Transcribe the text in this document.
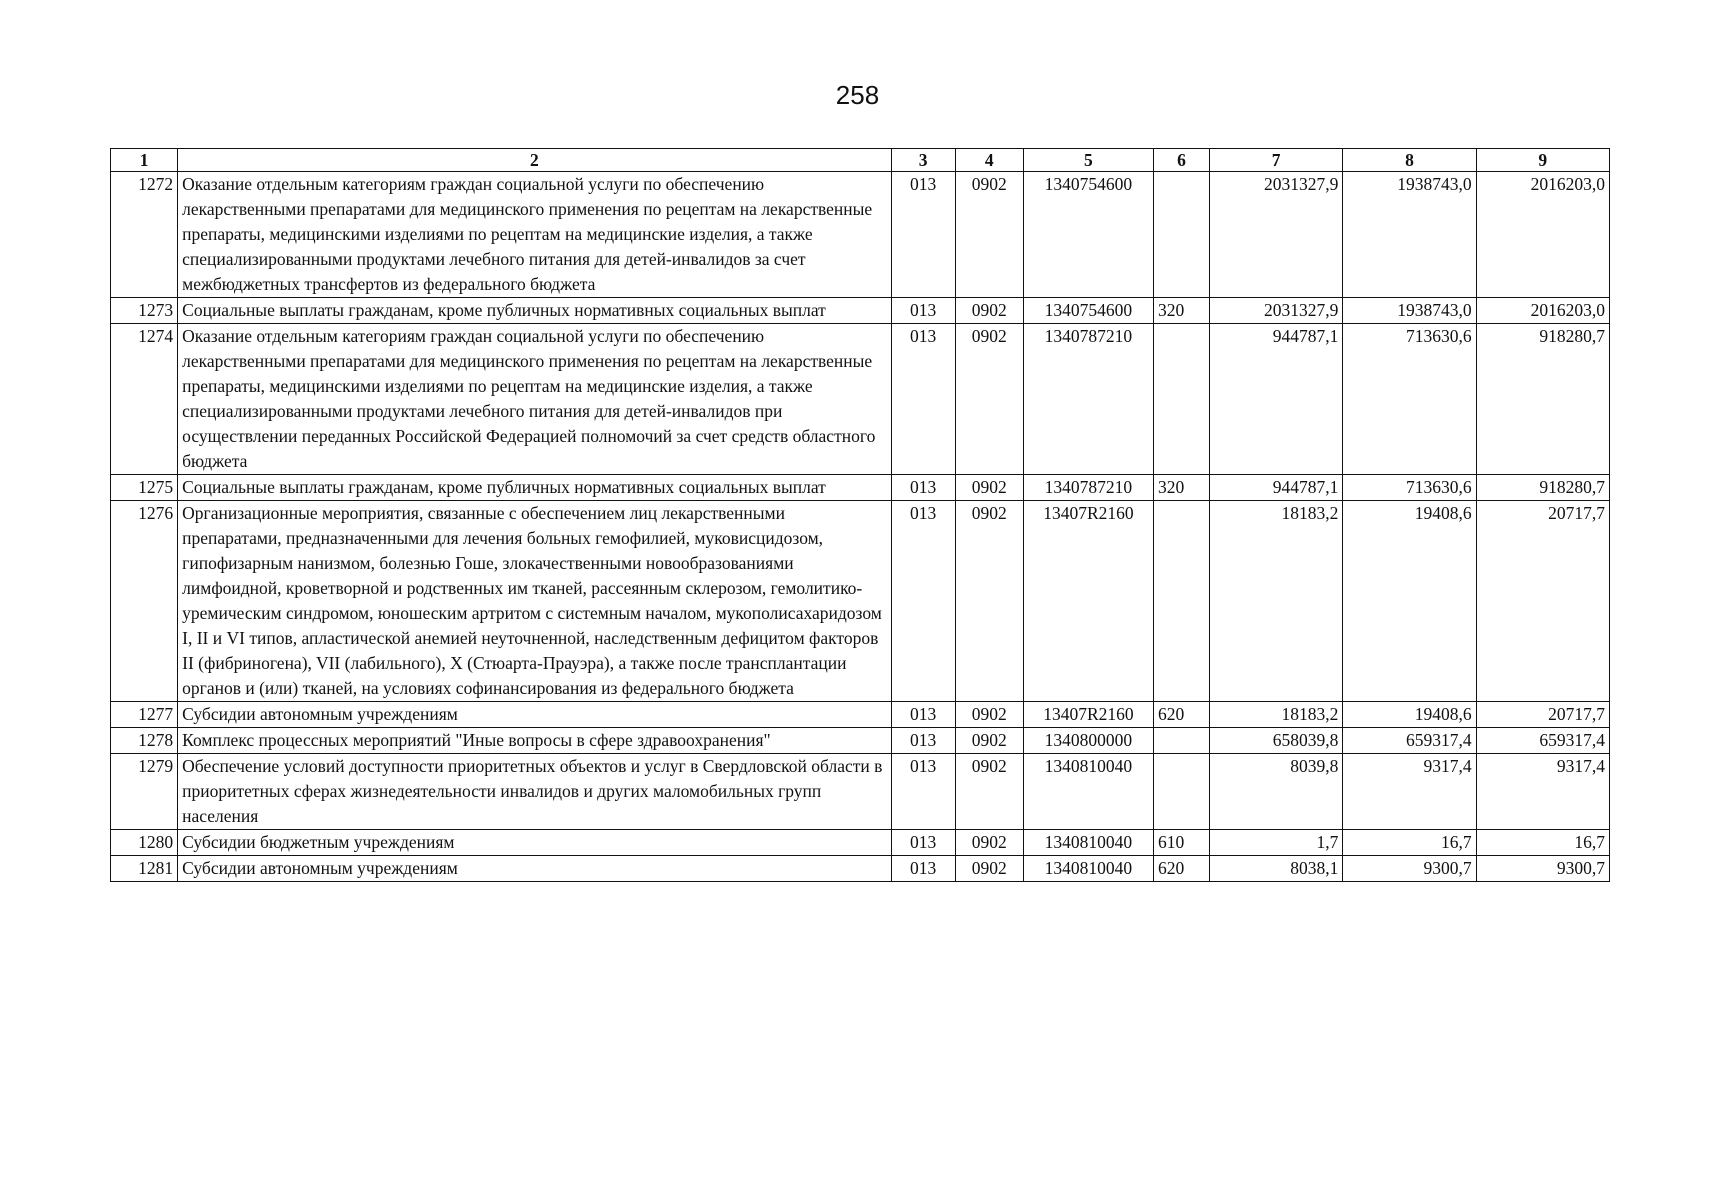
258
1	2	3	4	5	6	7	8	9
1272	Оказание отдельным категориям граждан социальной услуги по обеспечению лекарственными препаратами для медицинского применения по рецептам на лекарственные препараты, медицинскими изделиями по рецептам на медицинские изделия, а также специализированными продуктами лечебного питания для детей-инвалидов за счет межбюджетных трансфертов из федерального бюджета	013	0902	1340754600		2031327,9	1938743,0	2016203,0
1273	Социальные выплаты гражданам, кроме публичных нормативных социальных выплат	013	0902	1340754600	320	2031327,9	1938743,0	2016203,0
1274	Оказание отдельным категориям граждан социальной услуги по обеспечению лекарственными препаратами для медицинского применения по рецептам на лекарственные препараты, медицинскими изделиями по рецептам на медицинские изделия, а также специализированными продуктами лечебного питания для детей-инвалидов при осуществлении переданных Российской Федерацией полномочий за счет средств областного бюджета	013	0902	1340787210		944787,1	713630,6	918280,7
1275	Социальные выплаты гражданам, кроме публичных нормативных социальных выплат	013	0902	1340787210	320	944787,1	713630,6	918280,7
1276	Организационные мероприятия, связанные с обеспечением лиц лекарственными препаратами, предназначенными для лечения больных гемофилией, муковисцидозом, гипофизарным нанизмом, болезнью Гоше, злокачественными новообразованиями лимфоидной, кроветворной и родственных им тканей, рассеянным склерозом, гемолитико-уремическим синдромом, юношеским артритом с системным началом, мукополисахаридозом I, II и VI типов, апластической анемией неуточненной, наследственным дефицитом факторов II (фибриногена), VII (лабильного), X (Стюарта-Прауэра), а также после трансплантации органов и (или) тканей, на условиях софинансирования из федерального бюджета	013	0902	13407R2160		18183,2	19408,6	20717,7
1277	Субсидии автономным учреждениям	013	0902	13407R2160	620	18183,2	19408,6	20717,7
1278	Комплекс процессных мероприятий "Иные вопросы в сфере здравоохранения"	013	0902	1340800000		658039,8	659317,4	659317,4
1279	Обеспечение условий доступности приоритетных объектов и услуг в Свердловской области в приоритетных сферах жизнедеятельности инвалидов и других маломобильных групп населения	013	0902	1340810040		8039,8	9317,4	9317,4
1280	Субсидии бюджетным учреждениям	013	0902	1340810040	610	1,7	16,7	16,7
1281	Субсидии автономным учреждениям	013	0902	1340810040	620	8038,1	9300,7	9300,7
